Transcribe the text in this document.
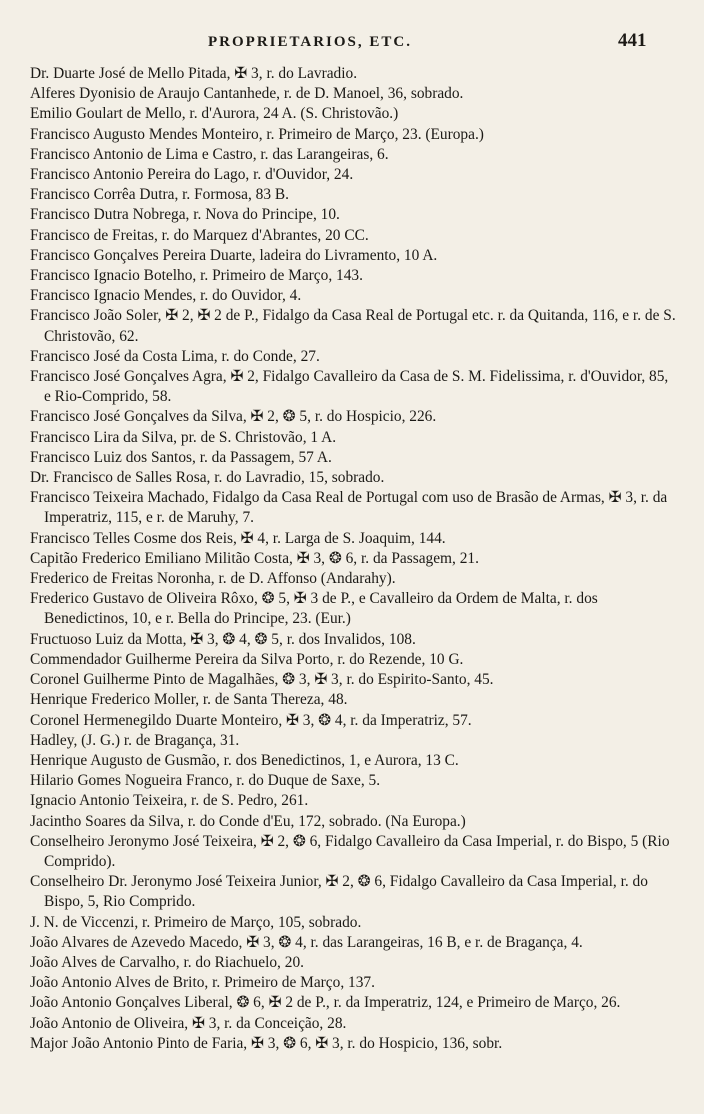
PROPRIETARIOS, ETC.	441

Dr. Duarte José de Mello Pitada, ✠ 3, r. do Lavradio.

Alferes Dyonisio de Araujo Cantanhede, r. de D. Manoel, 36, sobrado.

Emilio Goulart de Mello, r. d'Aurora, 24 A. (S. Christovão.)

Francisco Augusto Mendes Monteiro, r. Primeiro de Março, 23. (Europa.)

Francisco Antonio de Lima e Castro, r. das Larangeiras, 6.

Francisco Antonio Pereira do Lago, r. d'Ouvidor, 24.

Francisco Corrêa Dutra, r. Formosa, 83 B.

Francisco Dutra Nobrega, r. Nova do Principe, 10.

Francisco de Freitas, r. do Marquez d'Abrantes, 20 CC.

Francisco Gonçalves Pereira Duarte, ladeira do Livramento, 10 A.

Francisco Ignacio Botelho, r. Primeiro de Março, 143.

Francisco Ignacio Mendes, r. do Ouvidor, 4.

Francisco João Soler, ✠ 2, ✠ 2 de P., Fidalgo da Casa Real de Portugal etc. r. da Quitanda, 116, e r. de S. Christovão, 62.

Francisco José da Costa Lima, r. do Conde, 27.

Francisco José Gonçalves Agra, ✠ 2, Fidalgo Cavalleiro da Casa de S. M. Fidelissima, r. d'Ouvidor, 85, e Rio-Comprido, 58.

Francisco José Gonçalves da Silva, ✠ 2, ❂ 5, r. do Hospicio, 226.

Francisco Lira da Silva, pr. de S. Christovão, 1 A.

Francisco Luiz dos Santos, r. da Passagem, 57 A.

Dr. Francisco de Salles Rosa, r. do Lavradio, 15, sobrado.

Francisco Teixeira Machado, Fidalgo da Casa Real de Portugal com uso de Brasão de Armas, ✠ 3, r. da Imperatriz, 115, e r. de Maruhy, 7.

Francisco Telles Cosme dos Reis, ✠ 4, r. Larga de S. Joaquim, 144.

Capitão Frederico Emiliano Militão Costa, ✠ 3, ❂ 6, r. da Passagem, 21.

Frederico de Freitas Noronha, r. de D. Affonso (Andarahy).

Frederico Gustavo de Oliveira Rôxo, ❂ 5, ✠ 3 de P., e Cavalleiro da Ordem de Malta, r. dos Benedictinos, 10, e r. Bella do Principe, 23. (Eur.)

Fructuoso Luiz da Motta, ✠ 3, ❂ 4, ❂ 5, r. dos Invalidos, 108.

Commendador Guilherme Pereira da Silva Porto, r. do Rezende, 10 G.

Coronel Guilherme Pinto de Magalhães, ❂ 3, ✠ 3, r. do Espirito-Santo, 45.

Henrique Frederico Moller, r. de Santa Thereza, 48.

Coronel Hermenegildo Duarte Monteiro, ✠ 3, ❂ 4, r. da Imperatriz, 57.

Hadley, (J. G.) r. de Bragança, 31.

Henrique Augusto de Gusmão, r. dos Benedictinos, 1, e Aurora, 13 C.

Hilario Gomes Nogueira Franco, r. do Duque de Saxe, 5.

Ignacio Antonio Teixeira, r. de S. Pedro, 261.

Jacintho Soares da Silva, r. do Conde d'Eu, 172, sobrado. (Na Europa.)

Conselheiro Jeronymo José Teixeira, ✠ 2, ❂ 6, Fidalgo Cavalleiro da Casa Imperial, r. do Bispo, 5 (Rio Comprido).

Conselheiro Dr. Jeronymo José Teixeira Junior, ✠ 2, ❂ 6, Fidalgo Cavalleiro da Casa Imperial, r. do Bispo, 5, Rio Comprido.

J. N. de Viccenzi, r. Primeiro de Março, 105, sobrado.

João Alvares de Azevedo Macedo, ✠ 3, ❂ 4, r. das Larangeiras, 16 B, e r. de Bragança, 4.

João Alves de Carvalho, r. do Riachuelo, 20.

João Antonio Alves de Brito, r. Primeiro de Março, 137.

João Antonio Gonçalves Liberal, ❂ 6, ✠ 2 de P., r. da Imperatriz, 124, e Primeiro de Março, 26.

João Antonio de Oliveira, ✠ 3, r. da Conceição, 28.

Major João Antonio Pinto de Faria, ✠ 3, ❂ 6, ✠ 3, r. do Hospicio, 136, sobr.
